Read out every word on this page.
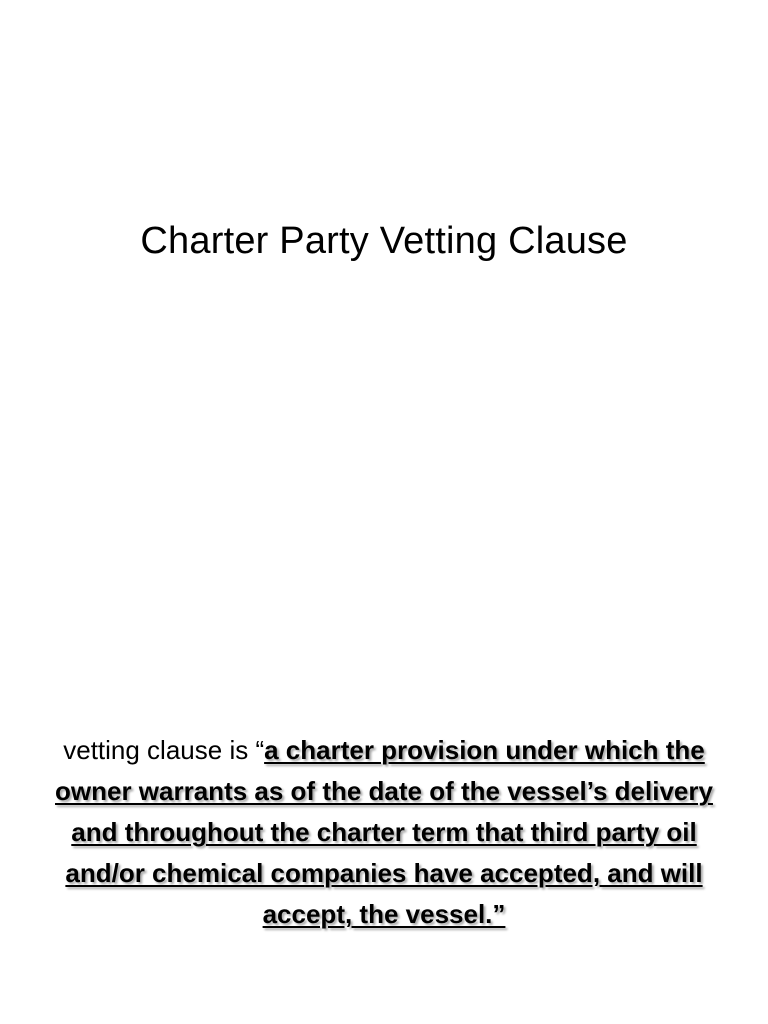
Charter Party Vetting Clause

vetting clause is “a charter provision under which the owner warrants as of the date of the vessel’s delivery and throughout the charter term that third party oil and/or chemical companies have accepted, and will accept, the vessel.”
